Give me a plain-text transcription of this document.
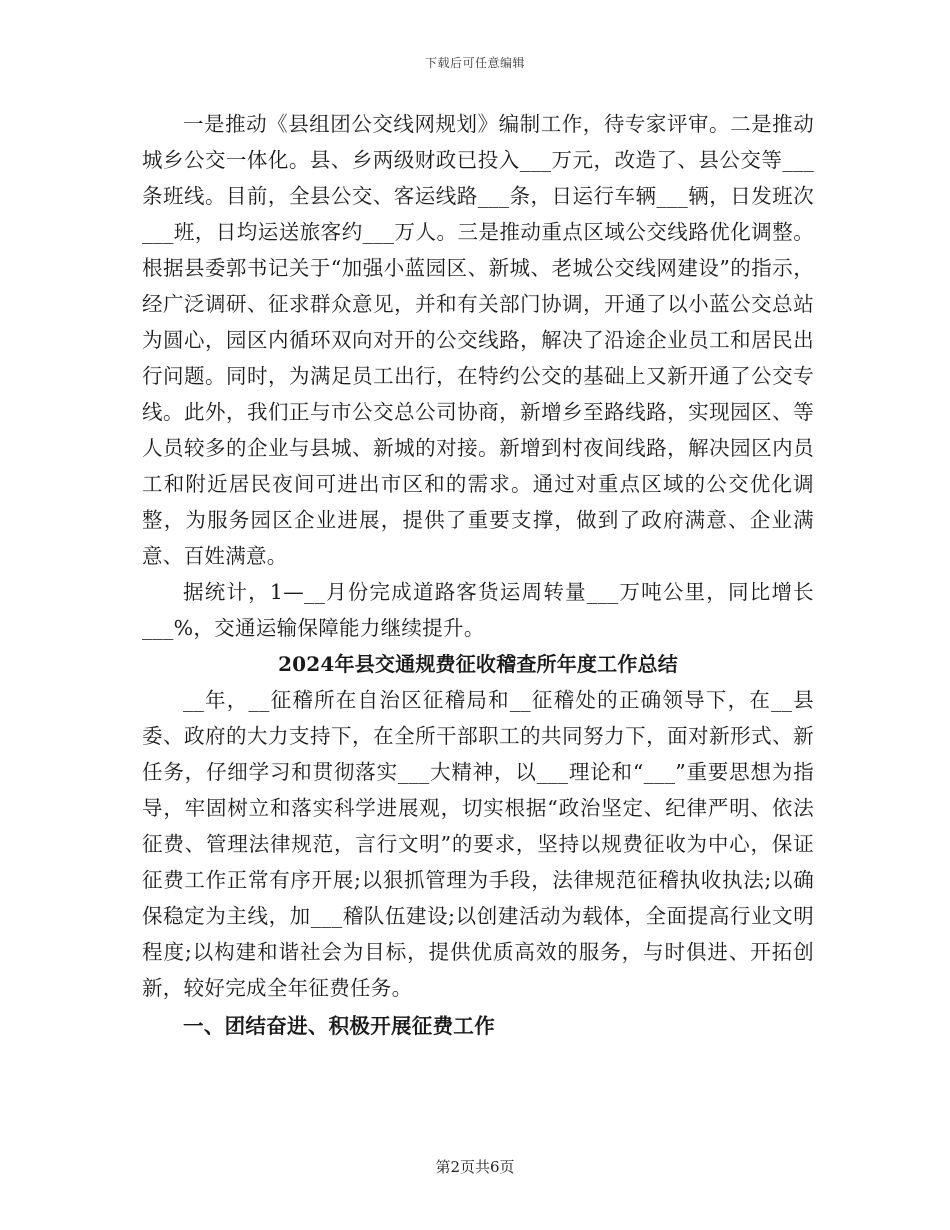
下载后可任意编辑

一是推动《县组团公交线网规划》编制工作，待专家评审。二是推动城乡公交一体化。县、乡两级财政已投入___万元，改造了、县公交等___条班线。目前，全县公交、客运线路___条，日运行车辆___辆，日发班次___班，日均运送旅客约___万人。三是推动重点区域公交线路优化调整。根据县委郭书记关于“加强小蓝园区、新城、老城公交线网建设”的指示，经广泛调研、征求群众意见，并和有关部门协调，开通了以小蓝公交总站为圆心，园区内循环双向对开的公交线路，解决了沿途企业员工和居民出行问题。同时，为满足员工出行，在特约公交的基础上又新开通了公交专线。此外，我们正与市公交总公司协商，新增乡至路线路，实现园区、等人员较多的企业与县城、新城的对接。新增到村夜间线路，解决园区内员工和附近居民夜间可进出市区和的需求。通过对重点区域的公交优化调整，为服务园区企业进展，提供了重要支撑，做到了政府满意、企业满意、百姓满意。

据统计，1—__月份完成道路客货运周转量___万吨公里，同比增长___%，交通运输保障能力继续提升。

2024年县交通规费征收稽查所年度工作总结

__年，__征稽所在自治区征稽局和__征稽处的正确领导下，在__县委、政府的大力支持下，在全所干部职工的共同努力下，面对新形式、新任务，仔细学习和贯彻落实___大精神，以___理论和“___”重要思想为指导，牢固树立和落实科学进展观，切实根据“政治坚定、纪律严明、依法征费、管理法律规范，言行文明”的要求，坚持以规费征收为中心，保证征费工作正常有序开展;以狠抓管理为手段，法律规范征稽执收执法;以确保稳定为主线，加___稽队伍建设;以创建活动为载体，全面提高行业文明程度;以构建和谐社会为目标，提供优质高效的服务，与时俱进、开拓创新，较好完成全年征费任务。

一、团结奋进、积极开展征费工作
第2页共6页
